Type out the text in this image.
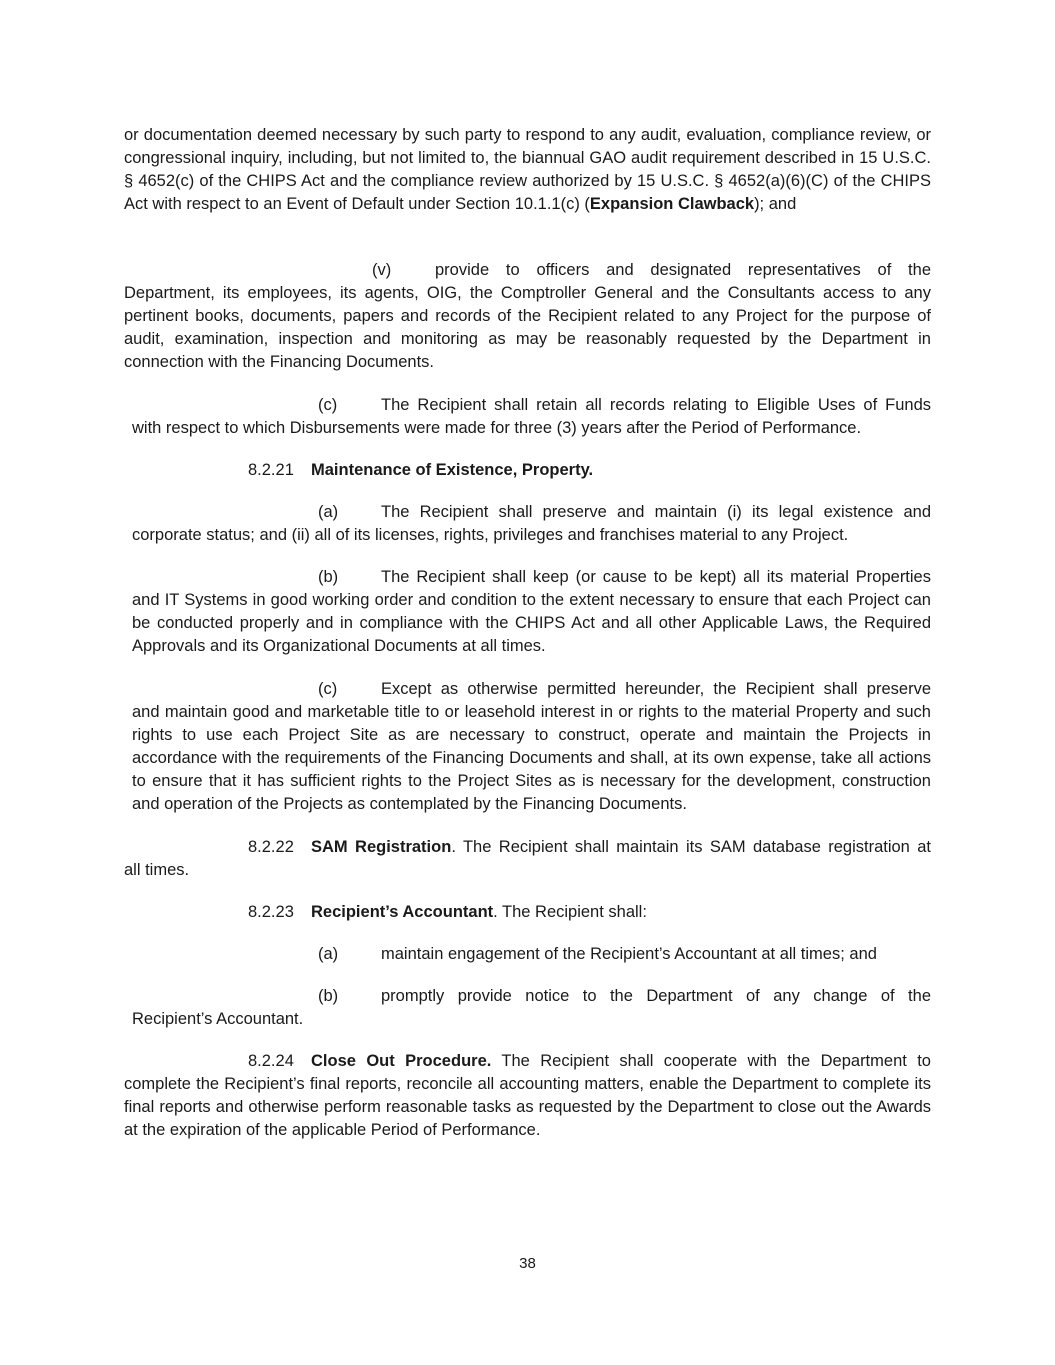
or documentation deemed necessary by such party to respond to any audit, evaluation, compliance review, or congressional inquiry, including, but not limited to, the biannual GAO audit requirement described in 15 U.S.C. § 4652(c) of the CHIPS Act and the compliance review authorized by 15 U.S.C. § 4652(a)(6)(C) of the CHIPS Act with respect to an Event of Default under Section 10.1.1(c) (Expansion Clawback); and

(v)	provide to officers and designated representatives of the

Department, its employees, its agents, OIG, the Comptroller General and the Consultants access to any pertinent books, documents, papers and records of the Recipient related to any Project for the purpose of audit, examination, inspection and monitoring as may be reasonably requested by the Department in connection with the Financing Documents.

(c)	The Recipient shall retain all records relating to Eligible Uses of Funds

with respect to which Disbursements were made for three (3) years after the Period of Performance.

8.2.21 Maintenance of Existence, Property.
(a)	The Recipient shall preserve and maintain (i) its legal existence and

corporate status; and (ii) all of its licenses, rights, privileges and franchises material to any Project.

(b)	The Recipient shall keep (or cause to be kept) all its material Properties

and IT Systems in good working order and condition to the extent necessary to ensure that each Project can be conducted properly and in compliance with the CHIPS Act and all other Applicable Laws, the Required Approvals and its Organizational Documents at all times.

(c)	Except as otherwise permitted hereunder, the Recipient shall preserve

and maintain good and marketable title to or leasehold interest in or rights to the material Property and such rights to use each Project Site as are necessary to construct, operate and maintain the Projects in accordance with the requirements of the Financing Documents and shall, at its own expense, take all actions to ensure that it has sufficient rights to the Project Sites as is necessary for the development, construction and operation of the Projects as contemplated by the Financing Documents.

8.2.22 SAM Registration. The Recipient shall maintain its SAM database registration at

all times.

8.2.23 Recipient’s Accountant. The Recipient shall:

(a)	maintain engagement of the Recipient’s Accountant at all times; and

(b)	promptly provide notice to the Department of any change of the

Recipient’s Accountant.

8.2.24 Close Out Procedure. The Recipient shall cooperate with the Department to

complete the Recipient’s final reports, reconcile all accounting matters, enable the Department to complete its final reports and otherwise perform reasonable tasks as requested by the Department to close out the Awards at the expiration of the applicable Period of Performance.

38
